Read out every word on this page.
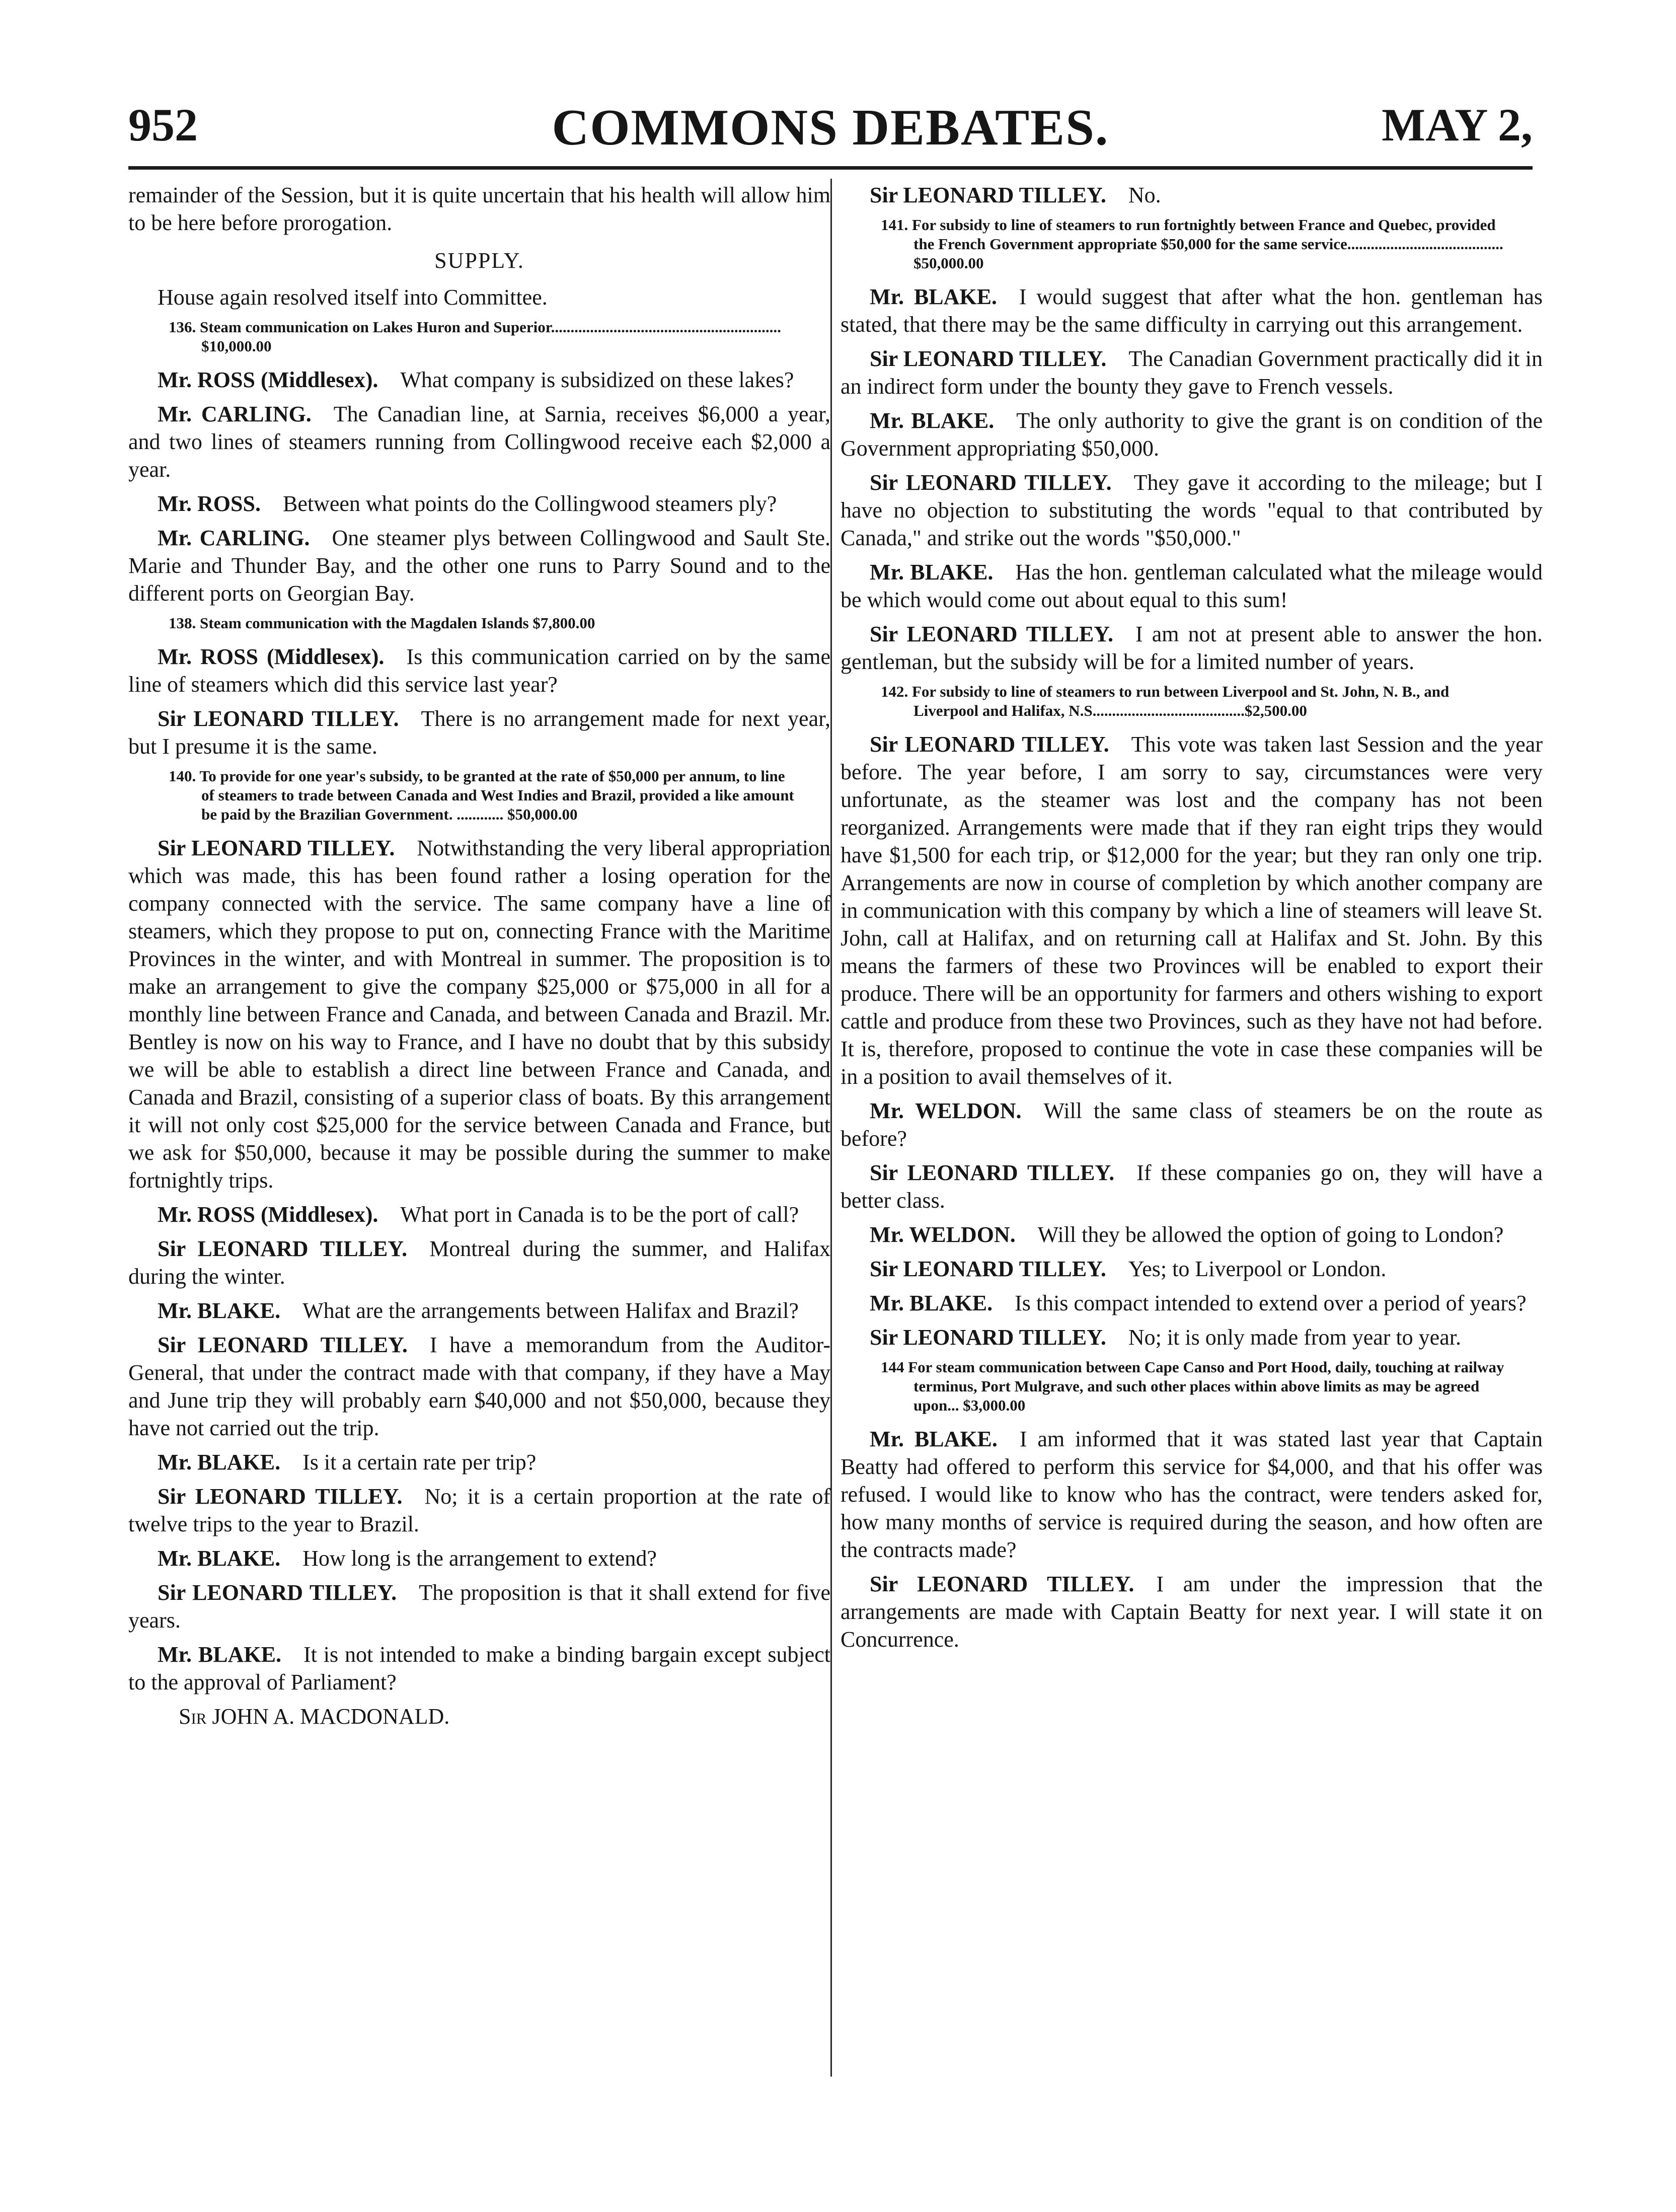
952	COMMONS DEBATES.	MAY 2,

remainder of the Session, but it is quite uncertain that his health will allow him to be here before prorogation.

SUPPLY.

House again resolved itself into Committee.

136. Steam communication on Lakes Huron and Superior........................................................... $10,000.00

Mr. ROSS (Middlesex).  What company is subsidized on these lakes?

Mr. CARLING.  The Canadian line, at Sarnia, receives $6,000 a year, and two lines of steamers running from Collingwood receive each $2,000 a year.

Mr. ROSS.  Between what points do the Collingwood steamers ply?

Mr. CARLING.  One steamer plys between Collingwood and Sault Ste. Marie and Thunder Bay, and the other one runs to Parry Sound and to the different ports on Georgian Bay.

138. Steam communication with the Magdalen Islands $7,800.00

Mr. ROSS (Middlesex).  Is this communication carried on by the same line of steamers which did this service last year?

Sir LEONARD TILLEY.  There is no arrangement made for next year, but I presume it is the same.

140. To provide for one year's subsidy, to be granted at the rate of $50,000 per annum, to line of steamers to trade between Canada and West Indies and Brazil, provided a like amount be paid by the Brazilian Government. ............ $50,000.00

Sir LEONARD TILLEY.  Notwithstanding the very liberal appropriation which was made, this has been found rather a losing operation for the company connected with the service. The same company have a line of steamers, which they propose to put on, connecting France with the Maritime Provinces in the winter, and with Montreal in summer. The proposition is to make an arrangement to give the company $25,000 or $75,000 in all for a monthly line between France and Canada, and between Canada and Brazil. Mr. Bentley is now on his way to France, and I have no doubt that by this subsidy we will be able to establish a direct line between France and Canada, and Canada and Brazil, consisting of a superior class of boats. By this arrangement it will not only cost $25,000 for the service between Canada and France, but we ask for $50,000, because it may be possible during the summer to make fortnightly trips.

Mr. ROSS (Middlesex).  What port in Canada is to be the port of call?

Sir LEONARD TILLEY.  Montreal during the summer, and Halifax during the winter.

Mr. BLAKE.  What are the arrangements between Halifax and Brazil?

Sir LEONARD TILLEY.  I have a memorandum from the Auditor-General, that under the contract made with that company, if they have a May and June trip they will probably earn $40,000 and not $50,000, because they have not carried out the trip.

Mr. BLAKE.  Is it a certain rate per trip?

Sir LEONARD TILLEY.  No; it is a certain proportion at the rate of twelve trips to the year to Brazil.

Mr. BLAKE.  How long is the arrangement to extend?

Sir LEONARD TILLEY.  The proposition is that it shall extend for five years.

Mr. BLAKE.  It is not intended to make a binding bargain except subject to the approval of Parliament?

Sir JOHN A. MACDONALD.

Sir LEONARD TILLEY.  No.

141. For subsidy to line of steamers to run fortnightly between France and Quebec, provided the French Government appropriate $50,000 for the same service........................................ $50,000.00

Mr. BLAKE.  I would suggest that after what the hon. gentleman has stated, that there may be the same difficulty in carrying out this arrangement.

Sir LEONARD TILLEY.  The Canadian Government practically did it in an indirect form under the bounty they gave to French vessels.

Mr. BLAKE.  The only authority to give the grant is on condition of the Government appropriating $50,000.

Sir LEONARD TILLEY.  They gave it according to the mileage; but I have no objection to substituting the words "equal to that contributed by Canada," and strike out the words "$50,000."

Mr. BLAKE.  Has the hon. gentleman calculated what the mileage would be which would come out about equal to this sum!

Sir LEONARD TILLEY.  I am not at present able to answer the hon. gentleman, but the subsidy will be for a limited number of years.

142. For subsidy to line of steamers to run between Liverpool and St. John, N. B., and Liverpool and Halifax, N.S.......................................$2,500.00

Sir LEONARD TILLEY.  This vote was taken last Session and the year before. The year before, I am sorry to say, circumstances were very unfortunate, as the steamer was lost and the company has not been reorganized. Arrangements were made that if they ran eight trips they would have $1,500 for each trip, or $12,000 for the year; but they ran only one trip. Arrangements are now in course of completion by which another company are in communication with this company by which a line of steamers will leave St. John, call at Halifax, and on returning call at Halifax and St. John. By this means the farmers of these two Provinces will be enabled to export their produce. There will be an opportunity for farmers and others wishing to export cattle and produce from these two Provinces, such as they have not had before. It is, therefore, proposed to continue the vote in case these companies will be in a position to avail themselves of it.

Mr. WELDON.  Will the same class of steamers be on the route as before?

Sir LEONARD TILLEY.  If these companies go on, they will have a better class.

Mr. WELDON.  Will they be allowed the option of going to London?

Sir LEONARD TILLEY.  Yes; to Liverpool or London.

Mr. BLAKE.  Is this compact intended to extend over a period of years?

Sir LEONARD TILLEY.  No; it is only made from year to year.

144 For steam communication between Cape Canso and Port Hood, daily, touching at railway terminus, Port Mulgrave, and such other places within above limits as may be agreed upon... $3,000.00

Mr. BLAKE.  I am informed that it was stated last year that Captain Beatty had offered to perform this service for $4,000, and that his offer was refused. I would like to know who has the contract, were tenders asked for, how many months of service is required during the season, and how often are the contracts made?

Sir LEONARD TILLEY.  I am under the impression that the arrangements are made with Captain Beatty for next year. I will state it on Concurrence.
